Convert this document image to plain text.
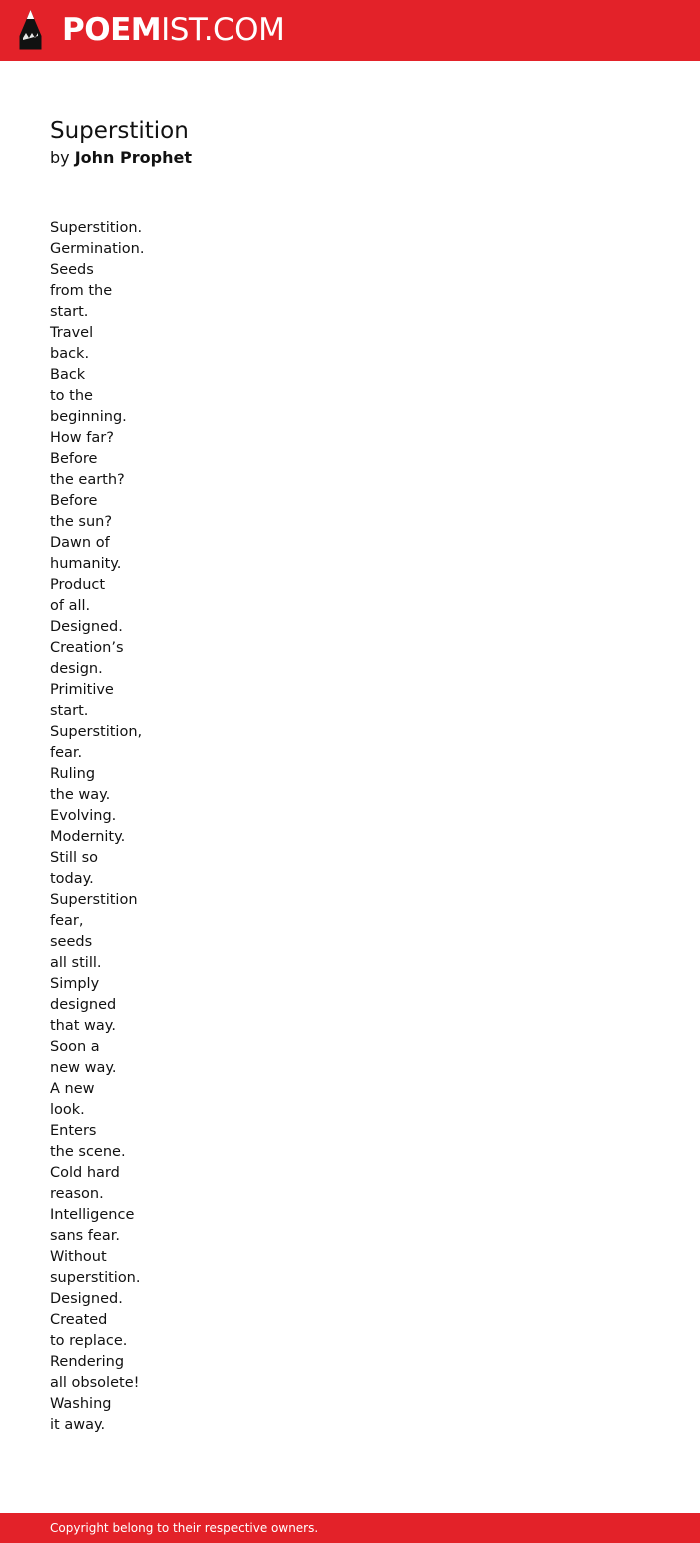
POEMIST.COM
Superstition
by John Prophet
Superstition.
Germination.
Seeds
from the
start.
Travel
back.
Back
to the
beginning.
How far?
Before
the earth?
Before
the sun?
Dawn of
humanity.
Product
of all.
Designed.
Creation’s
design.
Primitive
start.
Superstition,
fear.
Ruling
the way.
Evolving.
Modernity.
Still so
today.
Superstition
fear,
seeds
all still.
Simply
designed
that way.
Soon a
new way.
A new
look.
Enters
the scene.
Cold hard
reason.
Intelligence
sans fear.
Without
superstition.
Designed.
Created
to replace.
Rendering
all obsolete!
Washing
it away.
Copyright belong to their respective owners.
